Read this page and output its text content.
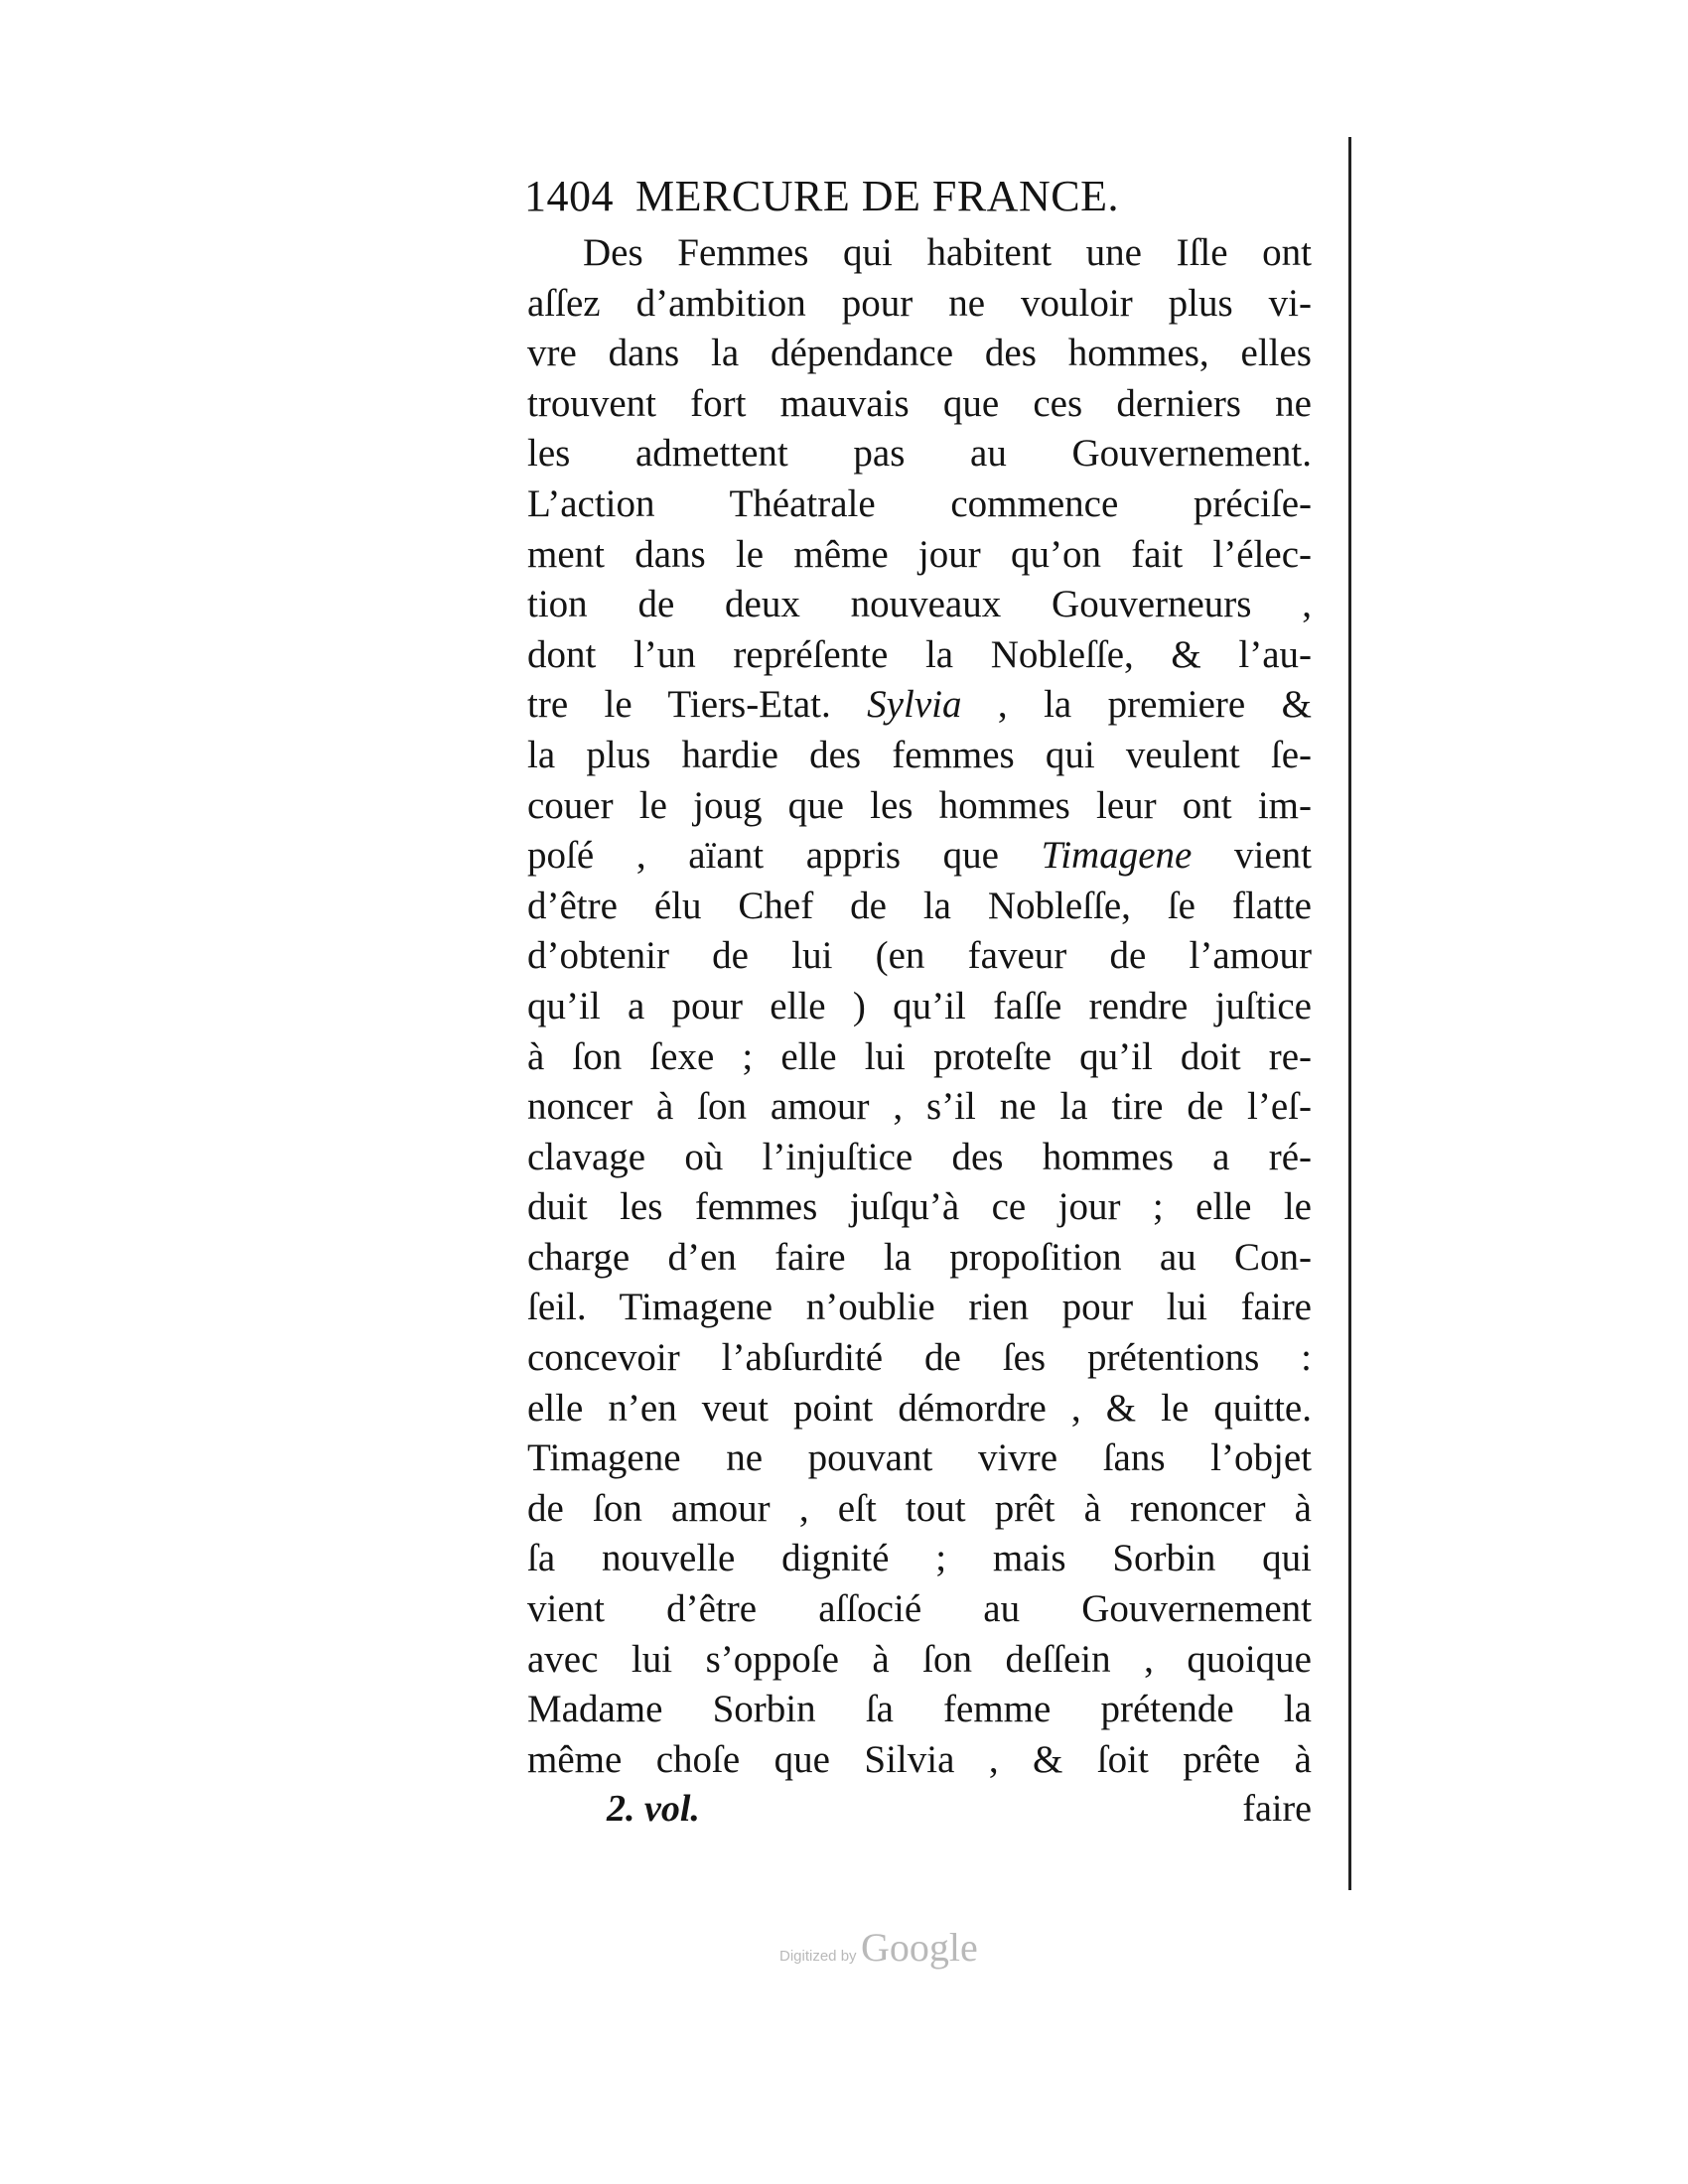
1404 MERCURE DE FRANCE.
Des Femmes qui habitent une Iſle ont
aſſez d’ambition pour ne vouloir plus vi-
vre dans la dépendance des hommes, elles
trouvent fort mauvais que ces derniers ne
les admettent pas au Gouvernement.
L’action Théatrale commence préciſe-
ment dans le même jour qu’on fait l’élec-
tion de deux nouveaux Gouverneurs ,
dont l’un repréſente la Nobleſſe, & l’au-
tre le Tiers-Etat. Sylvia , la premiere &
la plus hardie des femmes qui veulent ſe-
couer le joug que les hommes leur ont im-
poſé , aïant appris que Timagene vient
d’être élu Chef de la Nobleſſe, ſe flatte
d’obtenir de lui (en faveur de l’amour
qu’il a pour elle ) qu’il faſſe rendre juſtice
à ſon ſexe ; elle lui proteſte qu’il doit re-
noncer à ſon amour , s’il ne la tire de l’eſ-
clavage où l’injuſtice des hommes a ré-
duit les femmes juſqu’à ce jour ; elle le
charge d’en faire la propoſition au Con-
ſeil. Timagene n’oublie rien pour lui faire
concevoir l’abſurdité de ſes prétentions :
elle n’en veut point démordre , & le quitte.
Timagene ne pouvant vivre ſans l’objet
de ſon amour , eſt tout prêt à renoncer à
ſa nouvelle dignité ; mais Sorbin qui
vient d’être aſſocié au Gouvernement
avec lui s’oppoſe à ſon deſſein , quoique
Madame Sorbin ſa femme prétende la
même choſe que Silvia , & ſoit prête à
2. vol.	faire
Digitized by Google
